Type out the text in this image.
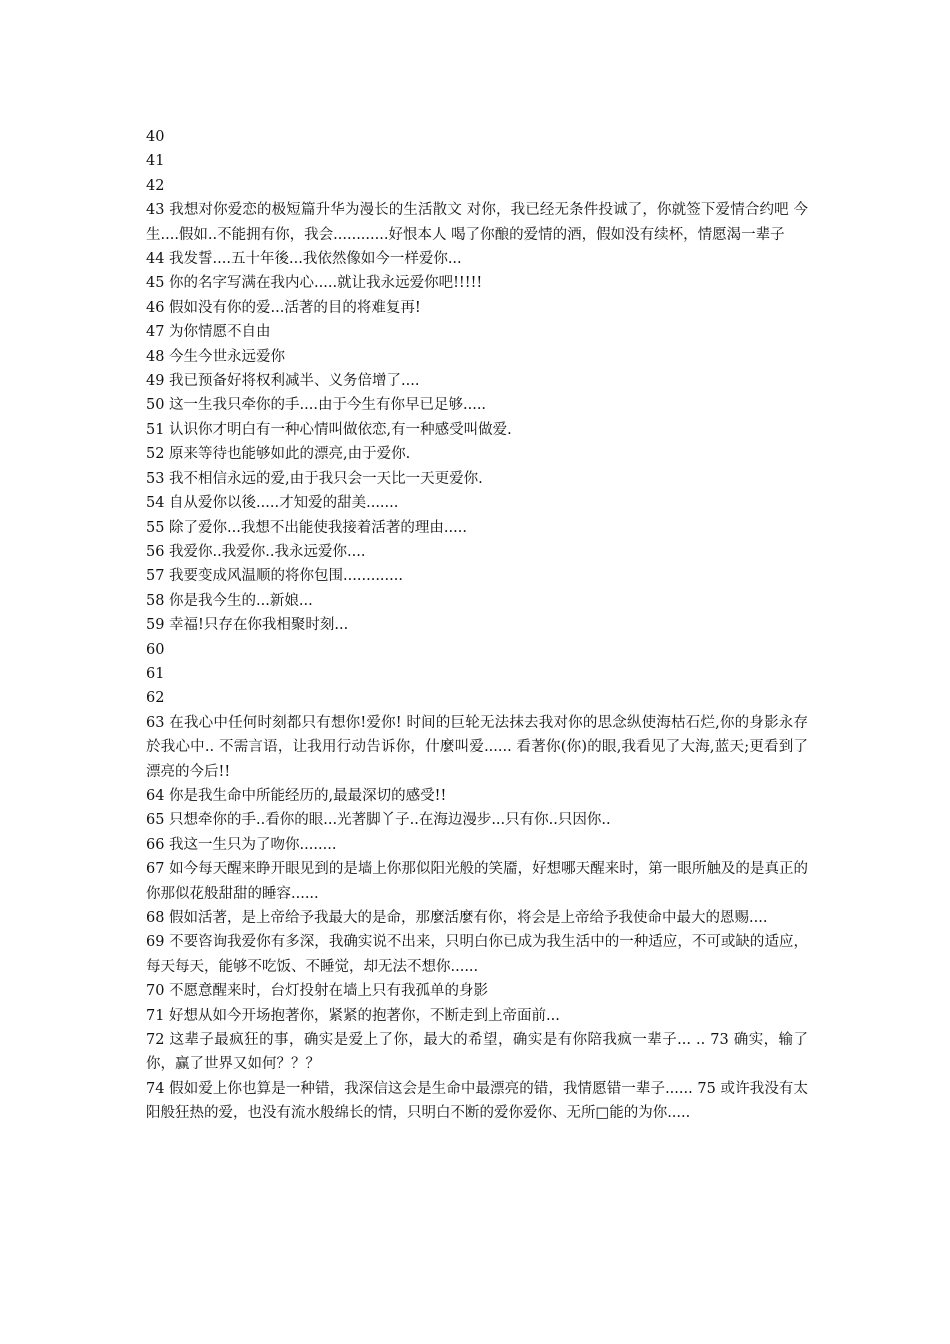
40

41

42

43 我想对你爱恋的极短篇升华为漫长的生活散文 对你，我已经无条件投诚了，你就签下爱情合约吧 今生....假如..不能拥有你，我会............好恨本人 喝了你酿的爱情的酒，假如没有续杯，情愿渴一辈子

44 我发誓....五十年後...我依然像如今一样爱你...

45 你的名字写满在我内心.....就让我永远爱你吧!!!!!

46 假如没有你的爱...活著的目的将难复再!

47 为你情愿不自由

48 今生今世永远爱你

49 我已预备好将权利减半、义务倍增了....

50 这一生我只牵你的手....由于今生有你早已足够.....

51 认识你才明白有一种心情叫做依恋,有一种感受叫做爱.

52 原来等待也能够如此的漂亮,由于爱你.

53 我不相信永远的爱,由于我只会一天比一天更爱你.

54 自从爱你以後.....才知爱的甜美.......

55 除了爱你...我想不出能使我接着活著的理由.....

56 我爱你..我爱你..我永远爱你....

57 我要变成风温顺的将你包围.............

58 你是我今生的...新娘...

59 幸福!只存在你我相聚时刻...

60

61

62

63 在我心中任何时刻都只有想你!爱你! 时间的巨轮无法抹去我对你的思念纵使海枯石烂,你的身影永存於我心中.. 不需言语，让我用行动告诉你，什麼叫爱...... 看著你(你)的眼,我看见了大海,蓝天;更看到了漂亮的今后!!

64 你是我生命中所能经历的,最最深切的感受!!

65 只想牵你的手..看你的眼...光著脚丫子..在海边漫步...只有你..只因你..

66 我这一生只为了吻你........

67 如今每天醒来睁开眼见到的是墙上你那似阳光般的笑靥，好想哪天醒来时，第一眼所触及的是真正的你那似花般甜甜的睡容......

68 假如活著，是上帝给予我最大的是命，那麼活麼有你，将会是上帝给予我使命中最大的恩赐....

69 不要咨询我爱你有多深，我确实说不出来，只明白你已成为我生活中的一种适应，不可或缺的适应，每天每天，能够不吃饭、不睡觉，却无法不想你......

70 不愿意醒来时，台灯投射在墙上只有我孤单的身影

71 好想从如今开场抱著你，紧紧的抱著你，不断走到上帝面前...

72 这辈子最疯狂的事，确实是爱上了你，最大的希望，确实是有你陪我疯一辈子... .. 73 确实，输了你，赢了世界又如何？？？

74 假如爱上你也算是一种错，我深信这会是生命中最漂亮的错，我情愿错一辈子...... 75 或许我没有太阳般狂热的爱，也没有流水般绵长的情，只明白不断的爱你爱你、无所□能的为你.....
